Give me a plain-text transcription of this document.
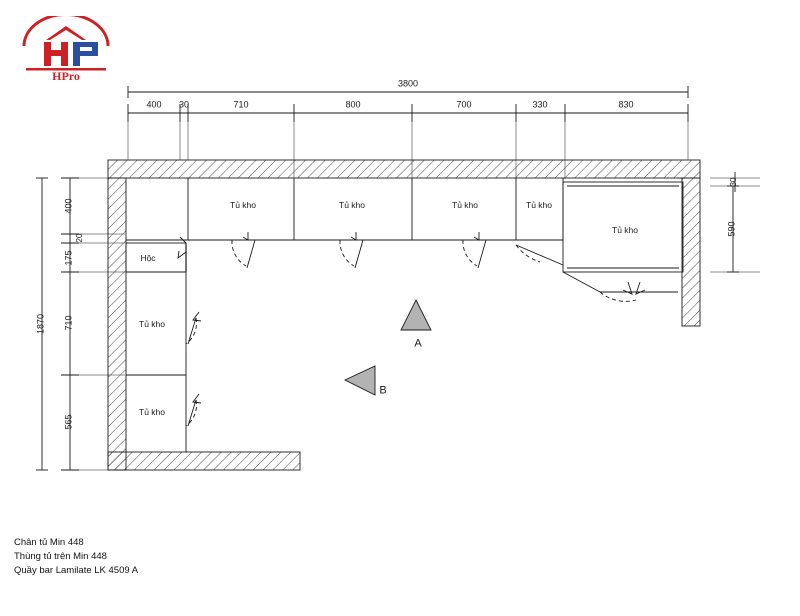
HPro
3800
400 30	710	800	700	330	830
1870
400
20
175
710
565
30
590
Tủ kho	Tủ kho	Tủ kho	Tủ kho
Tủ kho
Hộc
Tủ kho
Tủ kho
A
B
Chân tủ Min 448
Thùng tủ trên Min 448
Quầy bar Lamilate LK 4509 A
